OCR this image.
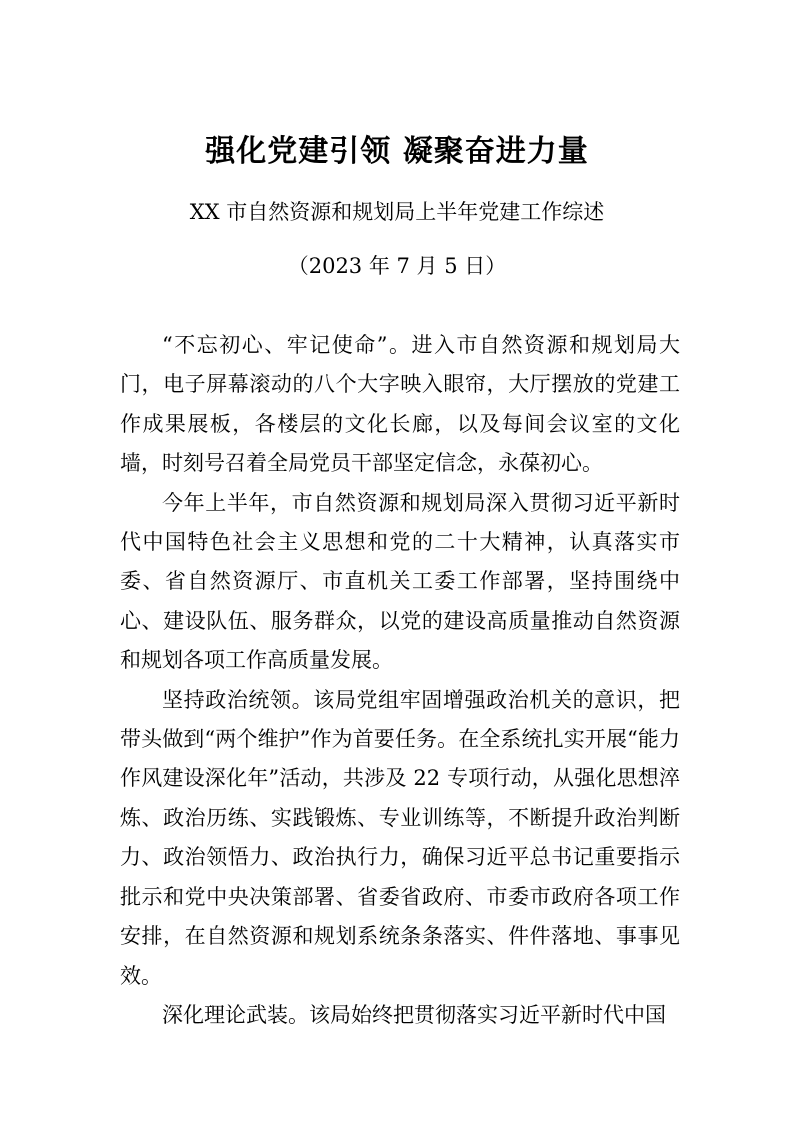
强化党建引领 凝聚奋进力量
XX 市自然资源和规划局上半年党建工作综述
（2023 年 7 月 5 日）

“不忘初心、牢记使命”。进入市自然资源和规划局大门，电子屏幕滚动的八个大字映入眼帘，大厅摆放的党建工作成果展板，各楼层的文化长廊，以及每间会议室的文化墙，时刻号召着全局党员干部坚定信念，永葆初心。

今年上半年，市自然资源和规划局深入贯彻习近平新时代中国特色社会主义思想和党的二十大精神，认真落实市委、省自然资源厅、市直机关工委工作部署，坚持围绕中心、建设队伍、服务群众，以党的建设高质量推动自然资源和规划各项工作高质量发展。

坚持政治统领。该局党组牢固增强政治机关的意识，把带头做到“两个维护”作为首要任务。在全系统扎实开展“能力作风建设深化年”活动，共涉及 22 专项行动，从强化思想淬炼、政治历练、实践锻炼、专业训练等，不断提升政治判断力、政治领悟力、政治执行力，确保习近平总书记重要指示批示和党中央决策部署、省委省政府、市委市政府各项工作安排，在自然资源和规划系统条条落实、件件落地、事事见效。

深化理论武装。该局始终把贯彻落实习近平新时代中国
